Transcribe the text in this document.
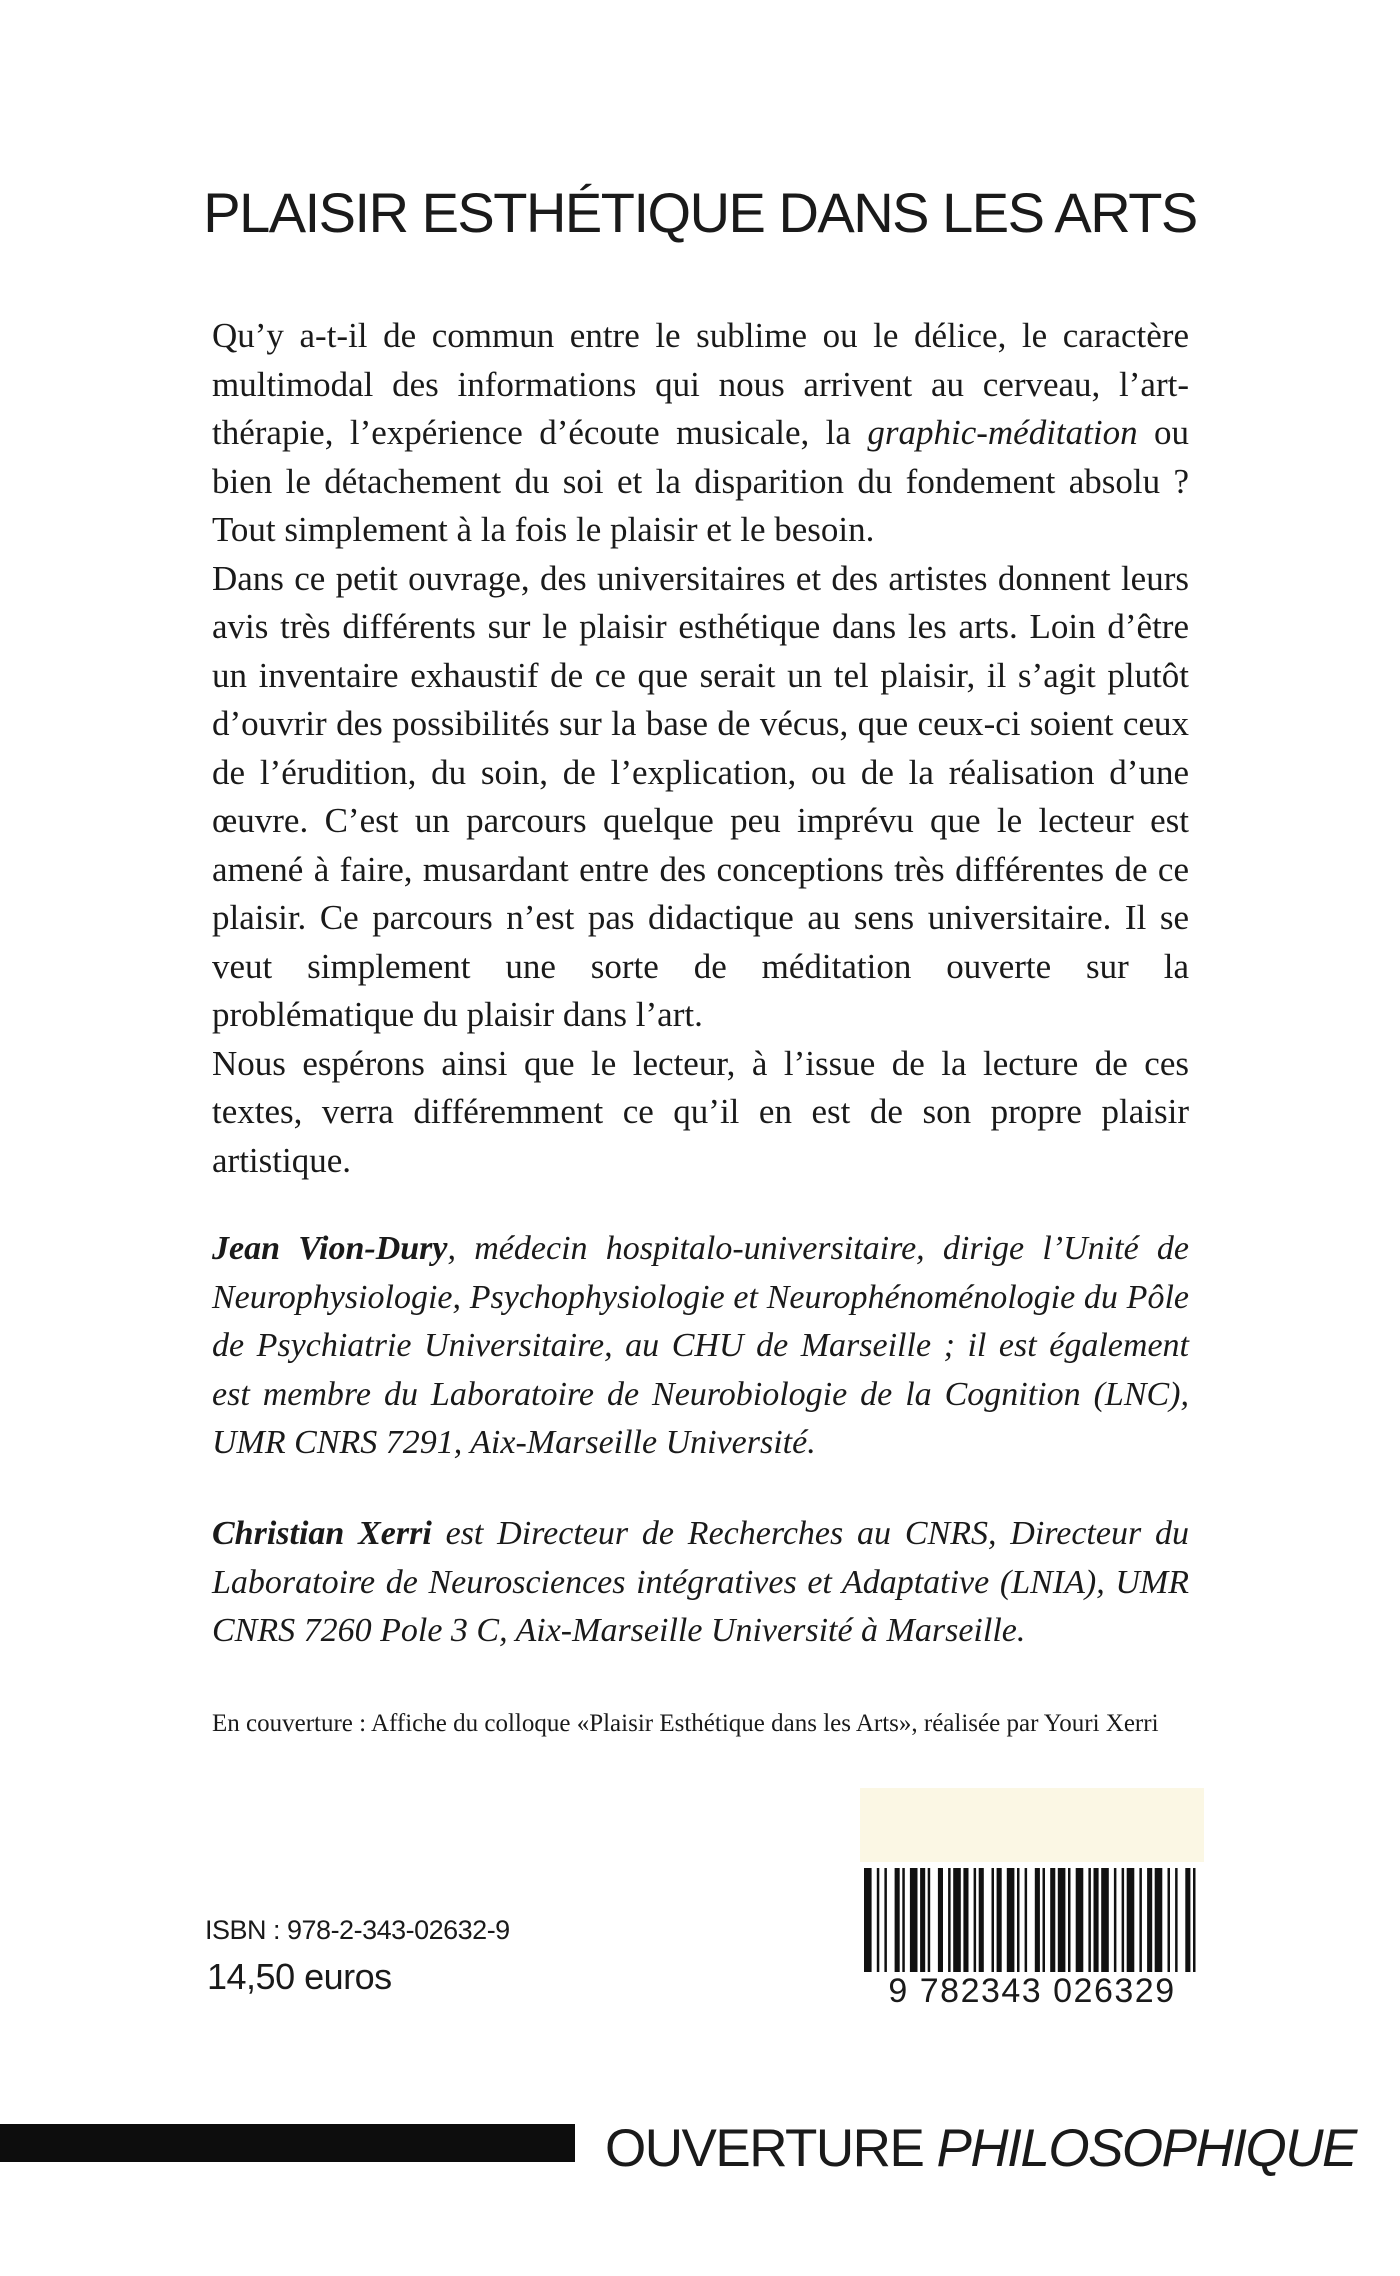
PLAISIR ESTHÉTIQUE DANS LES ARTS

Qu’y a-t-il de commun entre le sublime ou le délice, le caractère multimodal des informations qui nous arrivent au cerveau, l’art-thérapie, l’expérience d’écoute musicale, la graphic-méditation ou bien le détachement du soi et la disparition du fondement absolu ? Tout simplement à la fois le plaisir et le besoin.

Dans ce petit ouvrage, des universitaires et des artistes donnent leurs avis très différents sur le plaisir esthétique dans les arts. Loin d’être un inventaire exhaustif de ce que serait un tel plaisir, il s’agit plutôt d’ouvrir des possibilités sur la base de vécus, que ceux-ci soient ceux de l’érudition, du soin, de l’explication, ou de la réalisation d’une œuvre. C’est un parcours quelque peu imprévu que le lecteur est amené à faire, musardant entre des conceptions très différentes de ce plaisir. Ce parcours n’est pas didactique au sens universitaire. Il se veut simplement une sorte de méditation ouverte sur la problématique du plaisir dans l’art.

Nous espérons ainsi que le lecteur, à l’issue de la lecture de ces textes, verra différemment ce qu’il en est de son propre plaisir artistique.

Jean Vion-Dury, médecin hospitalo-universitaire, dirige l’Unité de Neurophysiologie, Psychophysiologie et Neurophénoménologie du Pôle de Psychiatrie Universitaire, au CHU de Marseille ; il est également est membre du Laboratoire de Neurobiologie de la Cognition (LNC), UMR CNRS 7291, Aix-Marseille Université.

Christian Xerri est Directeur de Recherches au CNRS, Directeur du Laboratoire de Neurosciences intégratives et Adaptative (LNIA), UMR CNRS 7260 Pole 3 C, Aix-Marseille Université à Marseille.

En couverture : Affiche du colloque «Plaisir Esthétique dans les Arts», réalisée par Youri Xerri

ISBN : 978-2-343-02632-9
14,50 euros	9 782343 026329
OUVERTURE PHILOSOPHIQUE
